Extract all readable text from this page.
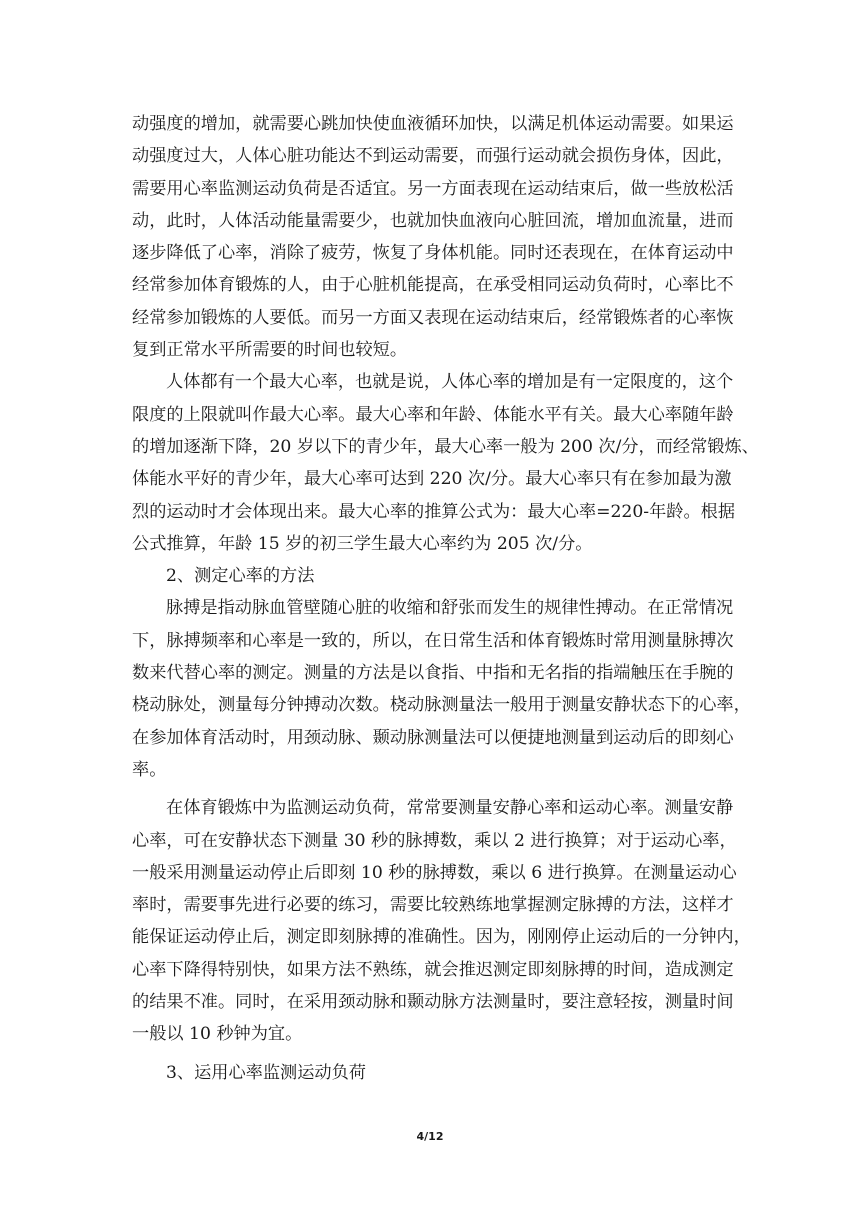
动强度的增加，就需要心跳加快使血液循环加快，以满足机体运动需要。如果运
动强度过大，人体心脏功能达不到运动需要，而强行运动就会损伤身体，因此，
需要用心率监测运动负荷是否适宜。另一方面表现在运动结束后，做一些放松活
动，此时，人体活动能量需要少，也就加快血液向心脏回流，增加血流量，进而
逐步降低了心率，消除了疲劳，恢复了身体机能。同时还表现在，在体育运动中
经常参加体育锻炼的人，由于心脏机能提高，在承受相同运动负荷时，心率比不
经常参加锻炼的人要低。而另一方面又表现在运动结束后，经常锻炼者的心率恢
复到正常水平所需要的时间也较短。
人体都有一个最大心率，也就是说，人体心率的增加是有一定限度的，这个
限度的上限就叫作最大心率。最大心率和年龄、体能水平有关。最大心率随年龄
的增加逐渐下降，20 岁以下的青少年，最大心率一般为 200 次/分，而经常锻炼、
体能水平好的青少年，最大心率可达到 220 次/分。最大心率只有在参加最为激
烈的运动时才会体现出来。最大心率的推算公式为：最大心率=220-年龄。根据
公式推算，年龄 15 岁的初三学生最大心率约为 205 次/分。
2、测定心率的方法
脉搏是指动脉血管壁随心脏的收缩和舒张而发生的规律性搏动。在正常情况
下，脉搏频率和心率是一致的，所以，在日常生活和体育锻炼时常用测量脉搏次
数来代替心率的测定。测量的方法是以食指、中指和无名指的指端触压在手腕的
桡动脉处，测量每分钟搏动次数。桡动脉测量法一般用于测量安静状态下的心率，
在参加体育活动时，用颈动脉、颞动脉测量法可以便捷地测量到运动后的即刻心
率。
在体育锻炼中为监测运动负荷，常常要测量安静心率和运动心率。测量安静
心率，可在安静状态下测量 30 秒的脉搏数，乘以 2 进行换算；对于运动心率，
一般采用测量运动停止后即刻 10 秒的脉搏数，乘以 6 进行换算。在测量运动心
率时，需要事先进行必要的练习，需要比较熟练地掌握测定脉搏的方法，这样才
能保证运动停止后，测定即刻脉搏的准确性。因为，刚刚停止运动后的一分钟内，
心率下降得特别快，如果方法不熟练，就会推迟测定即刻脉搏的时间，造成测定
的结果不准。同时，在采用颈动脉和颞动脉方法测量时，要注意轻按，测量时间
一般以 10 秒钟为宜。
3、运用心率监测运动负荷
4/12
